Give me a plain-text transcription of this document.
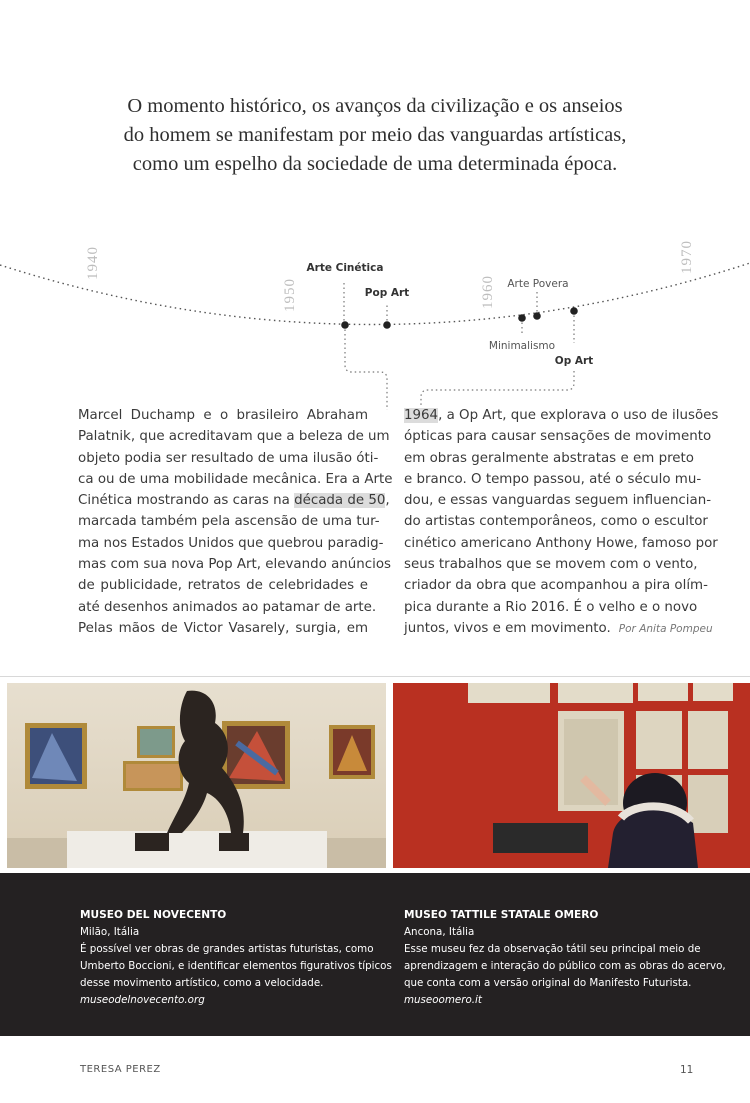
O momento histórico, os avanços da civilização e os anseios
do homem se manifestam por meio das vanguardas artísticas,
como um espelho da sociedade de uma determinada época.
1940
1950	1960
1970
Arte Cinética
Pop Art
Minimalismo
Arte Povera
Op Art
Marcel Duchamp e o brasileiro Abraham
Palatnik, que acreditavam que a beleza de um
objeto podia ser resultado de uma ilusão óti-
ca ou de uma mobilidade mecânica. Era a Arte
Cinética mostrando as caras na década de 50,
marcada também pela ascensão de uma tur-
ma nos Estados Unidos que quebrou paradig-
mas com sua nova Pop Art, elevando anúncios
de publicidade, retratos de celebridades e
até desenhos animados ao patamar de arte.
Pelas mãos de Victor Vasarely, surgia, em
1964, a Op Art, que explorava o uso de ilusões
ópticas para causar sensações de movimento
em obras geralmente abstratas e em preto
e branco. O tempo passou, até o século mu-
dou, e essas vanguardas seguem influencian-
do artistas contemporâneos, como o escultor
cinético americano Anthony Howe, famoso por
seus trabalhos que se movem com o vento,
criador da obra que acompanhou a pira olím-
pica durante a Rio 2016. É o velho e o novo
juntos, vivos e em movimento. Por Anita Pompeu
MUSEO DEL NOVECENTO
Milão, Itália
É possível ver obras de grandes artistas futuristas, como
Umberto Boccioni, e identificar elementos figurativos típicos
desse movimento artístico, como a velocidade.
museodelnovecento.org
MUSEO TATTILE STATALE OMERO
Ancona, Itália
Esse museu fez da observação tátil seu principal meio de
aprendizagem e interação do público com as obras do acervo,
que conta com a versão original do Manifesto Futurista.
museoomero.it
TERESA PEREZ	11
